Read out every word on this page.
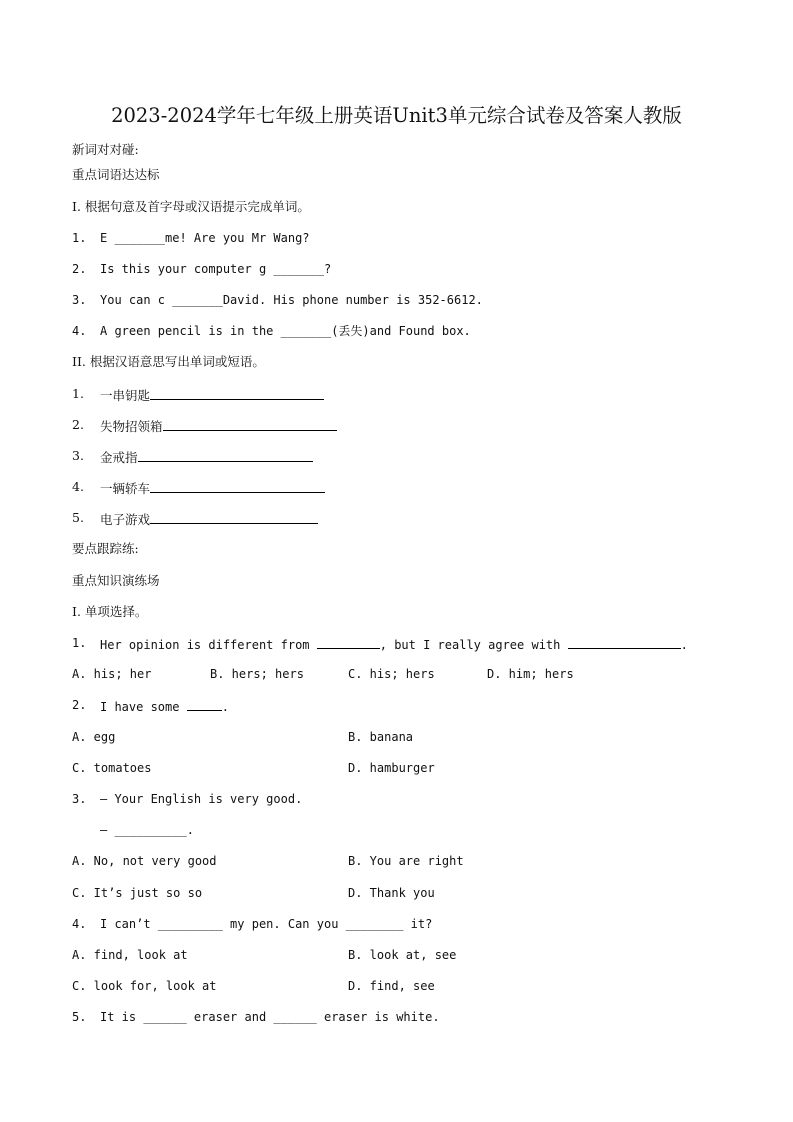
2023-2024学年七年级上册英语Unit3单元综合试卷及答案人教版
新词对对碰:
重点词语达达标
I. 根据句意及首字母或汉语提示完成单词。
1. E _______me! Are you Mr Wang?
2. Is this your computer g _______?
3. You can c _______David. His phone number is 352-6612.
4. A green pencil is in the _______(丢失)and Found box.
II. 根据汉语意思写出单词或短语。
1. 一串钥匙
2. 失物招领箱
3. 金戒指
4. 一辆轿车
5. 电子游戏
要点跟踪练:
重点知识演练场
I. 单项选择。
1. Her opinion is different from	, but I really agree with	.
A. his; her	B. hers; hers	C. his; hers	D. him; hers
2. I have some	.
A. egg	B. banana
C. tomatoes	D. hamburger
3. — Your English is very good.
— __________.
A. No, not very good	B. You are right
C. It’s just so so	D. Thank you
4. I can’t _________ my pen. Can you ________ it?
A. find, look at	B. look at, see
C. look for, look at	D. find, see
5. It is ______ eraser and ______ eraser is white.
